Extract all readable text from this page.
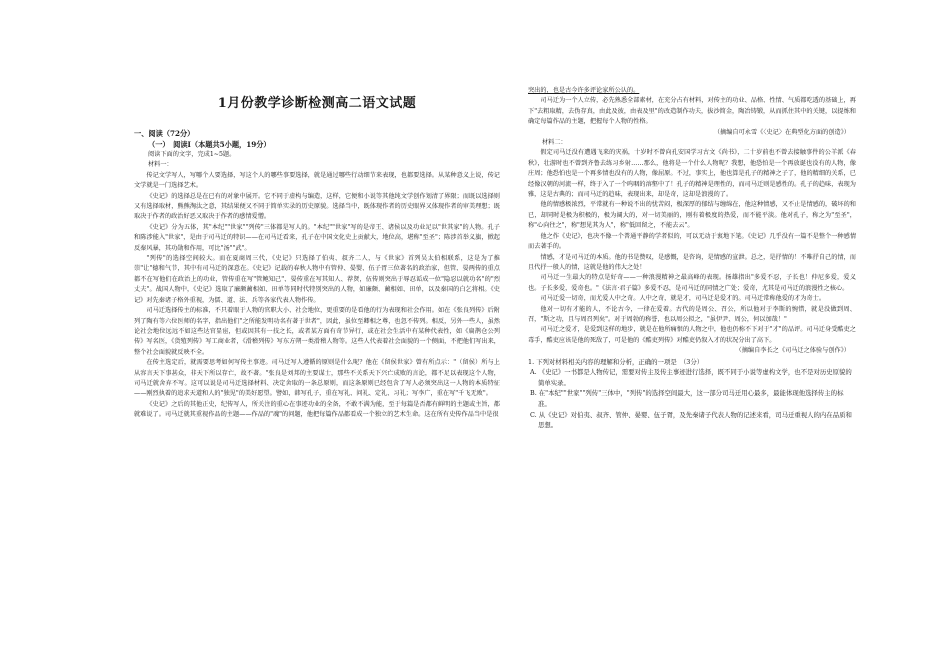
1月份教学诊断检测高二语文试题
一、阅读（72分）
（一）　阅读Ⅰ（本题共5小题，19分）

阅读下面的文字，完成1~5题。

材料一：

传记文学写人，写哪个人要选择，写这个人的哪些事要选择，就是通过哪些行动细节来表现，也都要选择。从某种意义上说，传记文学就是一门选择艺术。

《史记》的选择总是在已有的对象中展开。它不同于虚构与编造，这样，它便和小说等其他纯文学创作划清了界限；而既以选择则又有选择取材，熊熊淘汰之意，其结果便又不同于简单实录的历史原貌。选择当中，既体现作者的历史眼界又体现作者的审美理想；既取决于作者的政治好恶又取决于作者的感情爱憎。

《史记》分为五体，其"本纪""世家""列传"三体都是写人的。"本纪""世家"写的是帝王、诸侯以及功业足以"世其家"的人物。孔子和陈涉能入"世家"，是由于司马迁的特识——在司马迁看来，孔子在中国文化史上贡献大，地位高，堪称"至圣"；陈涉首举义旗，掀起反秦风暴，其功勋和作用，可比"汤""武"。

"列传"的选择空间较大。而在夏商周三代，《史记》只选择了伯夷、叔齐二人，与《世家》首列吴太伯相联系，这是为了推崇"让"德和气节，其中有司马迁的深意在。《史记》记载的春秋人物中有管仲、晏婴、伍子胥三位著名的政治家，但管、晏两传的重点都不在写他们在政治上的功业，管传重在写"管鲍知己"、晏传重在写其知人、荐贤，伍传则突出于辱忍诟成一位"隐忍以就功名"的"烈丈夫"。战国人物中，《史记》选取了廉颇蔺相如、田单等同时代特别突出的人物，如廉颇、蔺相如、田单，以及秦国的白乞将相。《史记》对先秦诸子格外重视，为儒、道、法、兵等各家代表人物作传。

司马迁选择传主的标准，不只着眼于人物的官职大小、社会地位，更重要的是看他的行为表现和社会作用。如在《张良列传》后附列了陶有等六位医师的名字，指出他们"之所能发明功名有著于世者"，因此，虽位至卿相之尊，也忽不传列。相反，另外一些人，虽然论社会地位远远不如这些达官显宦，但或因其有一技之长，或者某方面有奇节异行，或在社会生活中有某种代表性，如《扁鹊仓公列传》写名医，《货殖列传》写工商业者，《滑稽列传》写东方朔一类滑稽人物等。这些人代表着社会面貌的一个侧面，不把他们写出来，整个社会面貌就反映不全。

在传主选定后，就需要思考如何写传主事迹。司马迁写人遵循的原则是什么呢？他在《留侯世家》曾有所点示："（留侯）所与上从容言天下事甚众，非天下所以存亡，故不著。"张良是刘邦的主要谋士，那些不关系天下兴亡成败的言论，都不足以表现这个人物，司马迁就舍弃不写。这可以说是司马迁选择材料、决定舍取的一条总原则，而这条原则已经包含了写人必须突出这一人物的本质特征——刚烈执着的追求天道和人的"独见"的美好愿望。譬如，韩写孔子，重在写礼、问礼、定礼、习礼；写李广，重在写"千飞无败"。

《史记》之后的其他正史，纪传写人，所关注的重心在事迹功业的全备，不敢不满为能，至于每篇是否都有鲜明的主题或主旨，都就难说了。司马迁就其重视作品的主题——作品的"魂"的问题，他把每篇作品都看成一个独立的艺术生命。这在所有史传作品当中是很

突出的，也是古今许多评论家所公认的。

司马迁为一个人立传，必先熟悉全部素材，在充分占有材料，对传主的功业、品格、性情、气质都吃透的基础上，再下"去粗取精，去伪存真，由此及彼，由表及里"的改造制作功夫，拔沙简金，陶冶铸锻，从而抓住其中的关键，以提炼和确定每篇作品的主题，把握每个人物的性格。

（摘编自可永雪《〈史记〉在典型化方面的创造》）

材料二：

假定司马迁没有遭遇飞来的灾祸，十岁时不曾向孔安国学习古文《尚书》，二十岁前也不曾去接触事件的公羊派《春秋》，壮游时也不曾到齐鲁去练习乡射……那么，他将是一个什么人物呢？我想，他恐怕是一个再放诞也没有的人物，像庄周；他恐怕也是一个再多情也没有的人物，像屈原。不过，事实上，他也算是孔子的精神之子了，他的精细的关系，已经像汉朝的河流一样，终于入了一个呜咽的溶壑中了！孔子的精神是理性的，而司马迁则是感性的。孔子的趋味，表现为雅，这是古典的；而司马迁的趋味，表现出来，却是奇，这却是浪漫的了。

他的情感极浓烈，平常就有一种说不出的忧苦闷，极深厚的郁结与缠绵在，他这种情感，又不止是情感的，破坏的和已，却同时是极为积极的，极为阔大的，对一切美丽的，刚有着极度的热爱，而不能平淡。他对孔子，称之为"至圣"，称"心向往之"，称"想见其为人"，称"低回留之，不能去云"。

他之作《史记》，也决不像一个普通平静的学者似的，可以无动于衷地下笔。《史记》几乎没有一篇不是整个一种感情而去著手的。

情感，才是司马迁的本质。他的书是赞叹，是感慨，是咨询，是情感的宣泄。总之，是抒情的！不唯抒自己的情，而且代抒一般人的情，这就是他的伟大之处！

司马迁一生最大的特点是好奇——一种浪漫精神之最高峰的表现。扬雄指出"多爱不忍，子长也！仲尼多爱，爱义也。子长多爱，爱奇也。"《法言·君子篇》多爱不忍，是司马迁的同情之广处；爱奇，尤其是司马迁的浪漫性之核心。

司马迁爱一切奇，而尤爱人中之奇。人中之奇，就是才，司马迁是爱才的。司马迁常称他爱的才为奇士。

他对一切有才能的人，不论古今，一律在爱着。古代的是周公、召公，所以他对于李斯的惋惜，就是没做到周、召，"斯之功，且与周召列矣"。对于周勃的称誉，也以周公拟之，"虽伊尹、周公，何以加哉！"

司马迁之爱才，是爱到这样的地步，就是在他所痛恨的人物之中，他也仍称不下对于"才"的品评。司马迁身受酷吏之毒手，酷吏应该是他的死敌了，可是他的《酷吏列传》对酷吏仍叙入才的状况分出了高下。

（摘编自李长之《司马迁之体验与创作》）

1. 下列对材料相关内容的理解和分析，正确的一项是　（3分）

A. 《史记》一书都是人物传记，需要对传主及传主事迹进行选择，既不同于小说等虚构文学，也不是对历史原貌的简单实录。

B. 在"本纪""世家""列传"三体中，"列传"的选择空间最大，这一部分司马迁用心最多，最能体现他选择传主的标准。

C. 从《史记》对伯夷、叔齐、管仲、晏婴、伍子胥，及先秦诸子代表人物的记述来看，司马迁重视人的内在品质和思想。
